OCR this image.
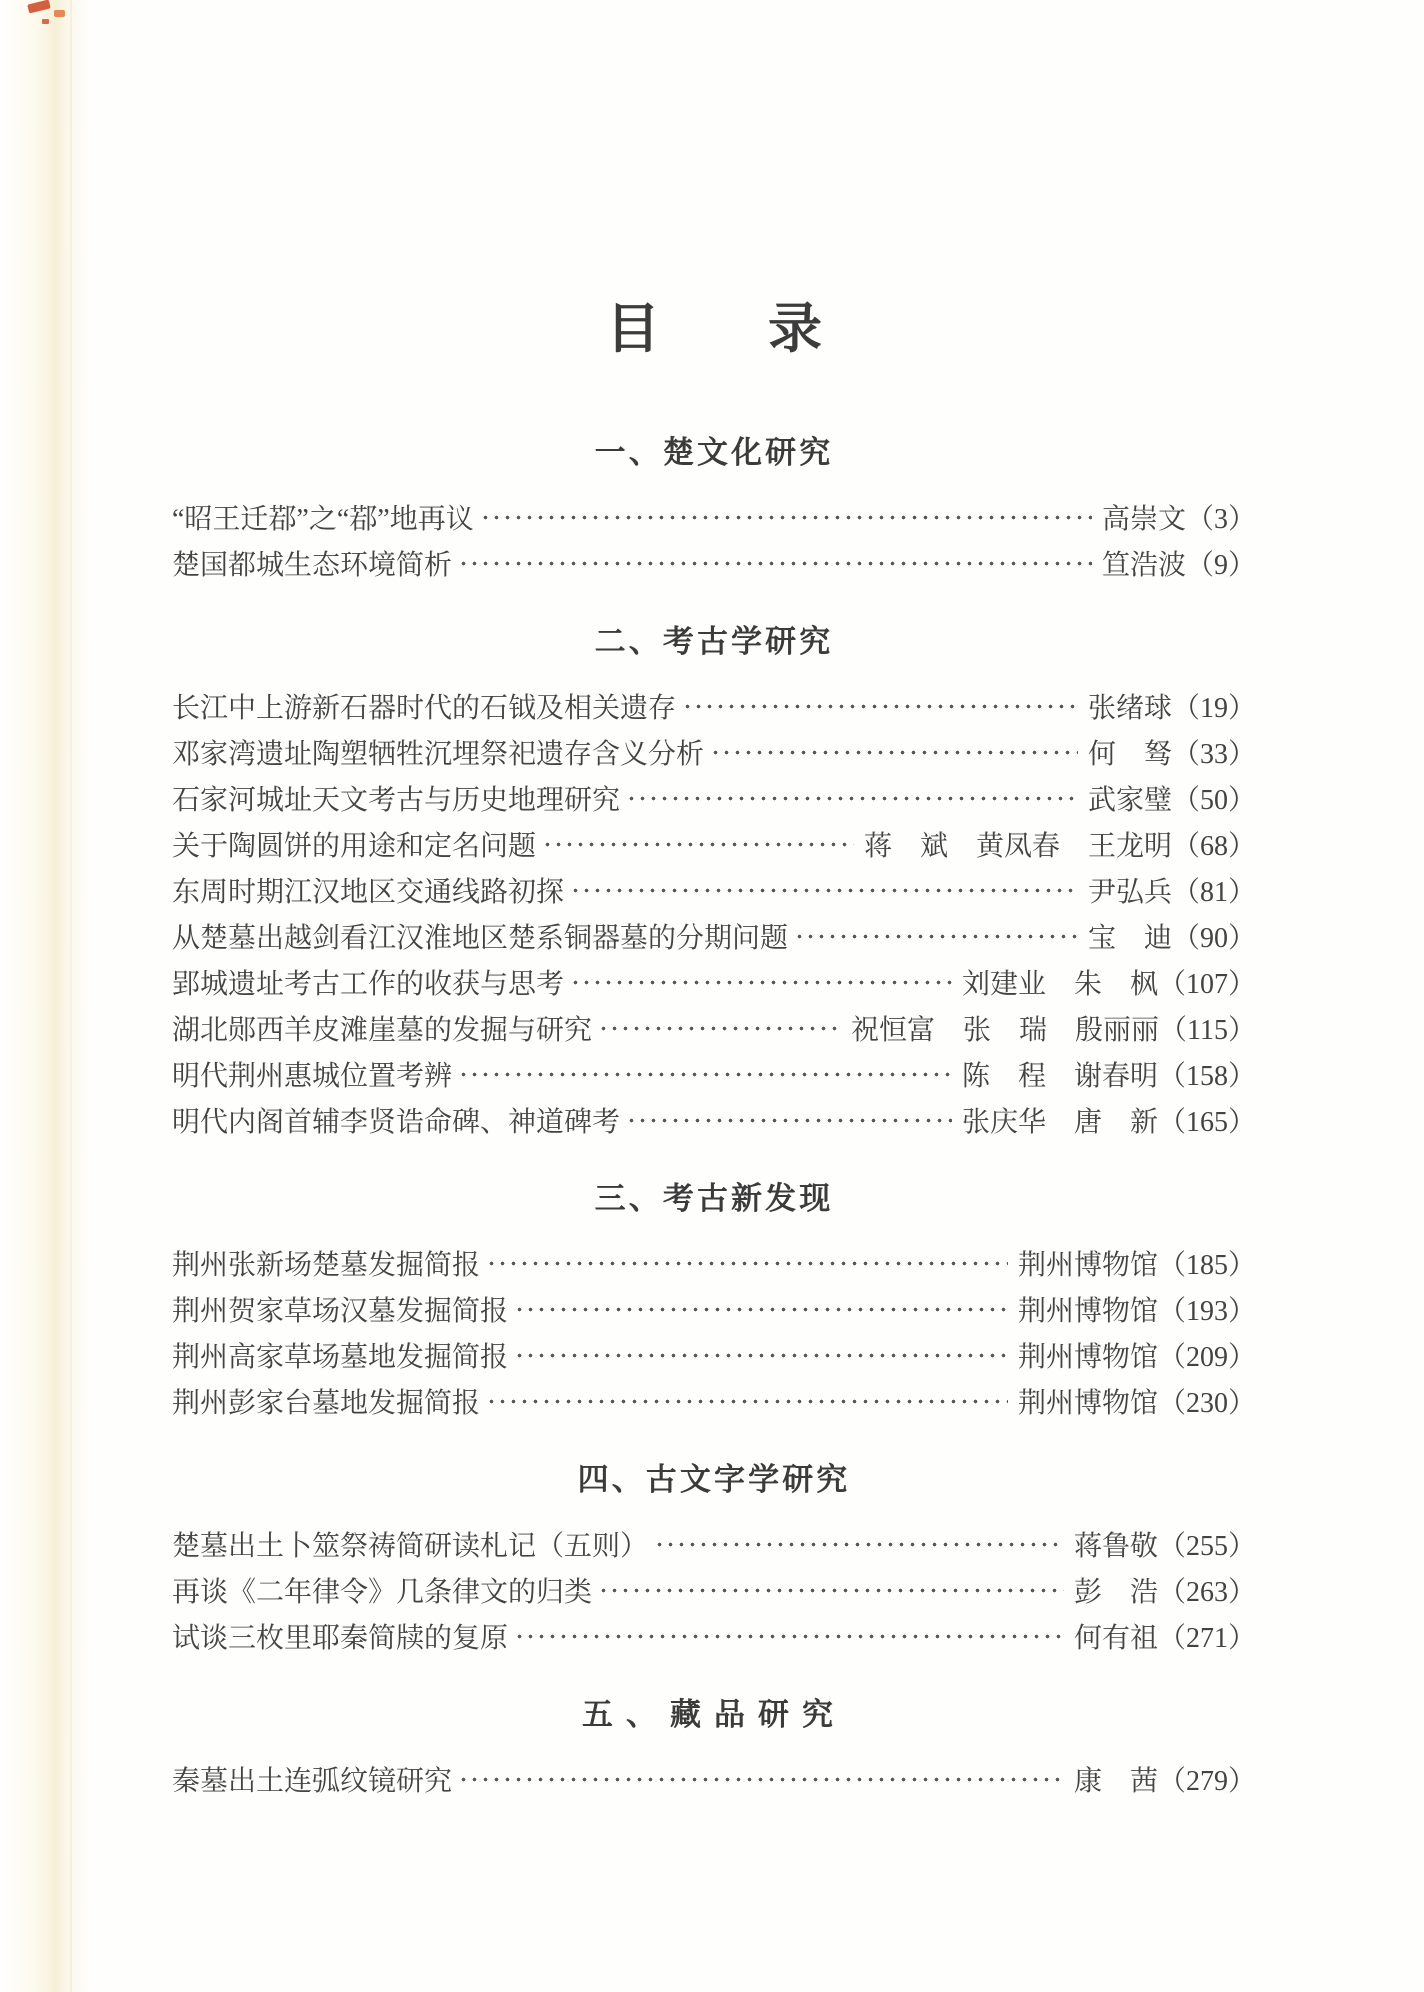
目　　录
一、楚文化研究
“昭王迁鄀”之“鄀”地再议	高崇文 （3）
楚国都城生态环境简析	笪浩波 （9）
二、考古学研究
长江中上游新石器时代的石钺及相关遗存	张绪球 （19）
邓家湾遗址陶塑牺牲沉埋祭祀遗存含义分析	何　驽 （33）
石家河城址天文考古与历史地理研究	武家璧 （50）
关于陶圆饼的用途和定名问题	蒋　斌　黄凤春　王龙明 （68）
东周时期江汉地区交通线路初探	尹弘兵 （81）
从楚墓出越剑看江汉淮地区楚系铜器墓的分期问题	宝　迪 （90）
郢城遗址考古工作的收获与思考	刘建业　朱　枫 （107）
湖北郧西羊皮滩崖墓的发掘与研究	祝恒富　张　瑞　殷丽丽 （115）
明代荆州惠城位置考辨	陈　程　谢春明 （158）
明代内阁首辅李贤诰命碑、神道碑考	张庆华　唐　新 （165）
三、考古新发现
荆州张新场楚墓发掘简报	荆州博物馆 （185）
荆州贺家草场汉墓发掘简报	荆州博物馆 （193）
荆州高家草场墓地发掘简报	荆州博物馆 （209）
荆州彭家台墓地发掘简报	荆州博物馆 （230）
四、古文字学研究
楚墓出土卜筮祭祷简研读札记（五则）	蒋鲁敬 （255）
再谈《二年律令》几条律文的归类	彭　浩 （263）
试谈三枚里耶秦简牍的复原	何有祖 （271）
五、藏品研究
秦墓出土连弧纹镜研究	康　茜 （279）
